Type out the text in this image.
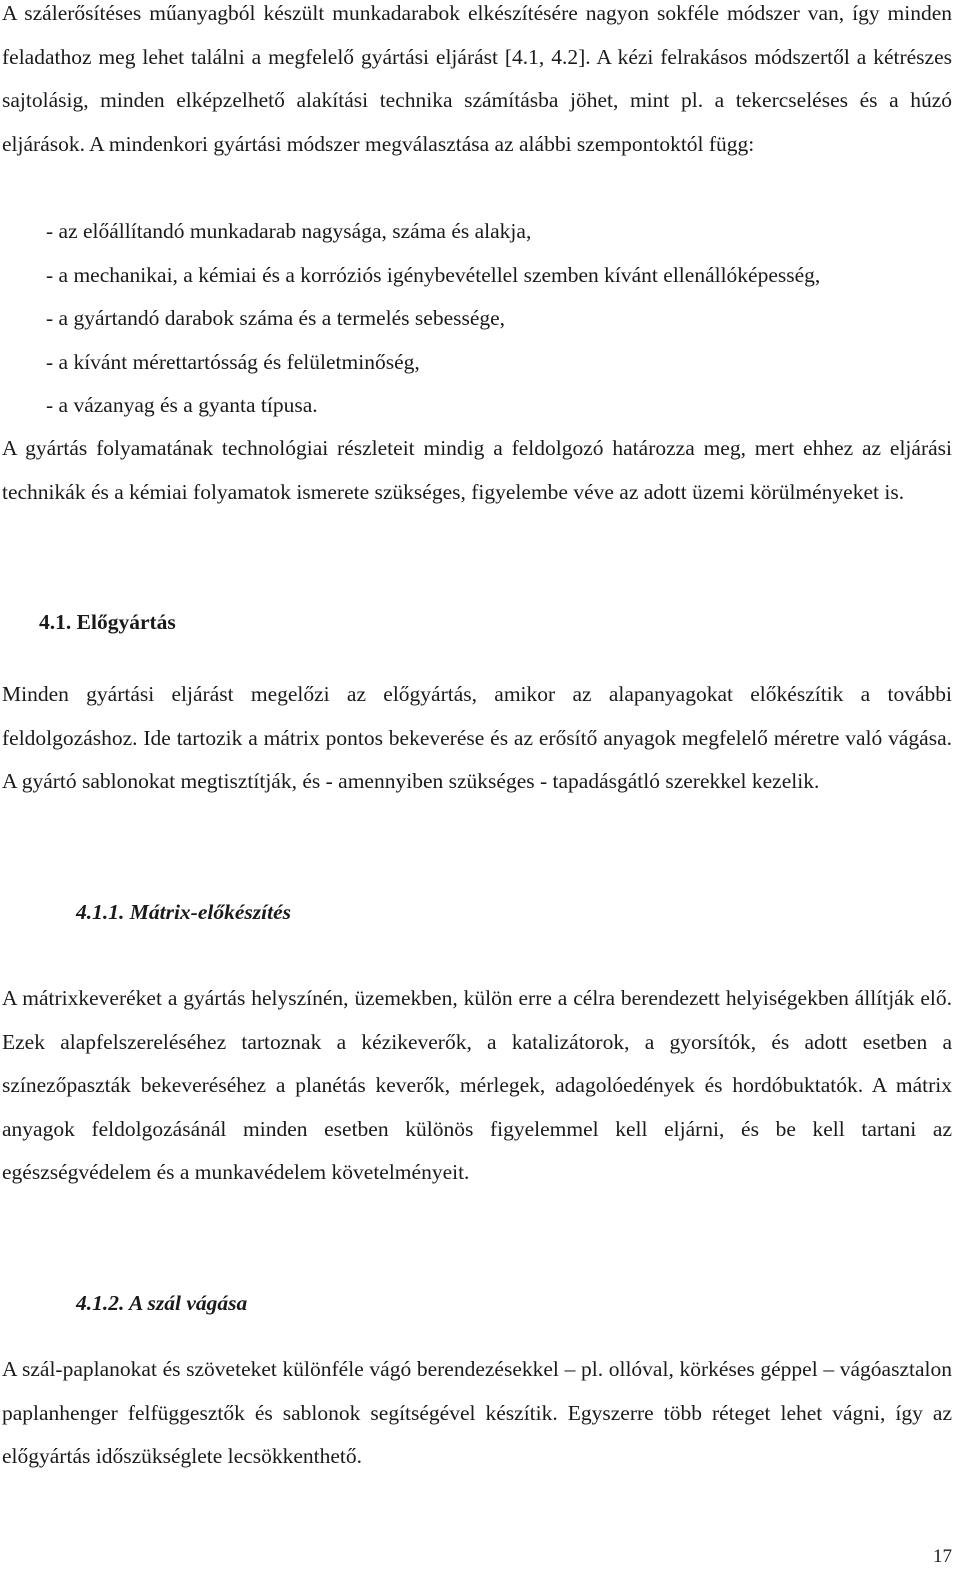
A szálerősítéses műanyagból készült munkadarabok elkészítésére nagyon sokféle módszer van, így minden feladathoz meg lehet találni a megfelelő gyártási eljárást [4.1, 4.2]. A kézi felrakásos módszertől a kétrészes sajtolásig, minden elképzelhető alakítási technika számításba jöhet, mint pl. a tekercseléses és a húzó eljárások. A mindenkori gyártási módszer megválasztása az alábbi szempontoktól függ:

- az előállítandó munkadarab nagysága, száma és alakja,
- a mechanikai, a kémiai és a korróziós igénybevétellel szemben kívánt ellenállóképesség,
- a gyártandó darabok száma és a termelés sebessége,
- a kívánt mérettartósság és felületminőség,
- a vázanyag és a gyanta típusa.

A gyártás folyamatának technológiai részleteit mindig a feldolgozó határozza meg, mert ehhez az eljárási technikák és a kémiai folyamatok ismerete szükséges, figyelembe véve az adott üzemi körülményeket is.

4.1. Előgyártás

Minden gyártási eljárást megelőzi az előgyártás, amikor az alapanyagokat előkészítik a további feldolgozáshoz. Ide tartozik a mátrix pontos bekeverése és az erősítő anyagok megfelelő méretre való vágása. A gyártó sablonokat megtisztítják, és - amennyiben szükséges - tapadásgátló szerekkel kezelik.

4.1.1. Mátrix-előkészítés

A mátrixkeveréket a gyártás helyszínén, üzemekben, külön erre a célra berendezett helyiségekben állítják elő. Ezek alapfelszereléséhez tartoznak a kézikeverők, a katalizátorok, a gyorsítók, és adott esetben a színezőpaszták bekeveréséhez a planétás keverők, mérlegek, adagolóedények és hordóbuktatók. A mátrix anyagok feldolgozásánál minden esetben különös figyelemmel kell eljárni, és be kell tartani az egészségvédelem és a munkavédelem követelményeit.

4.1.2. A szál vágása

A szál-paplanokat és szöveteket különféle vágó berendezésekkel – pl. ollóval, körkéses géppel – vágóasztalon paplanhenger felfüggesztők és sablonok segítségével készítik. Egyszerre több réteget lehet vágni, így az előgyártás időszükséglete lecsökkenthető.

17
